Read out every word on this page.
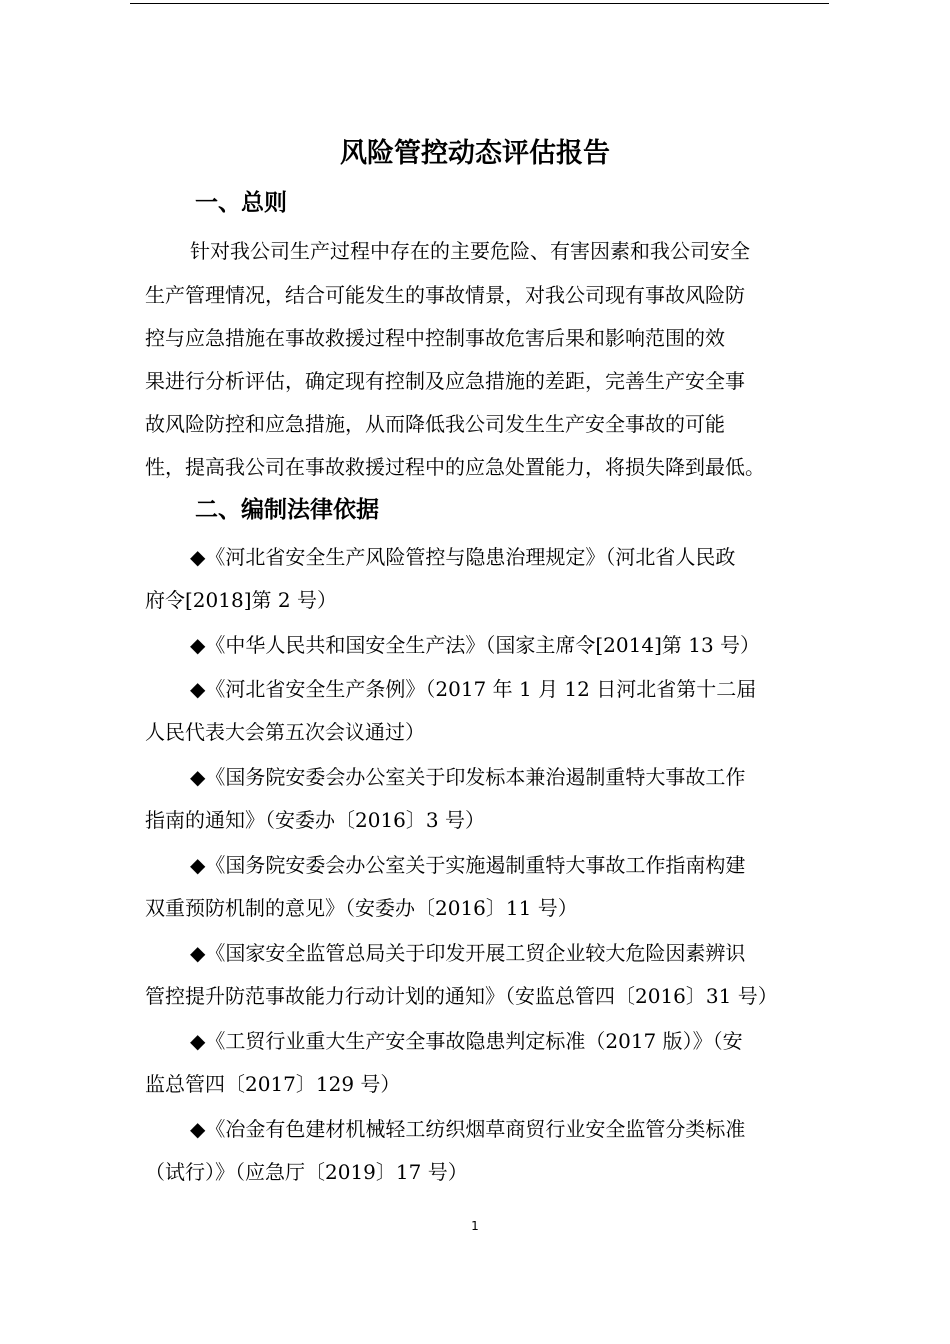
风险管控动态评估报告
一、总则
针对我公司生产过程中存在的主要危险、有害因素和我公司安全
生产管理情况，结合可能发生的事故情景，对我公司现有事故风险防
控与应急措施在事故救援过程中控制事故危害后果和影响范围的效
果进行分析评估，确定现有控制及应急措施的差距，完善生产安全事
故风险防控和应急措施，从而降低我公司发生生产安全事故的可能
性，提高我公司在事故救援过程中的应急处置能力，将损失降到最低。
二、编制法律依据
◆《河北省安全生产风险管控与隐患治理规定》（河北省人民政
府令[2018]第 2 号）
◆《中华人民共和国安全生产法》（国家主席令[2014]第 13 号）
◆《河北省安全生产条例》（2017 年 1 月 12 日河北省第十二届
人民代表大会第五次会议通过）
◆《国务院安委会办公室关于印发标本兼治遏制重特大事故工作
指南的通知》（安委办〔2016〕3 号）
◆《国务院安委会办公室关于实施遏制重特大事故工作指南构建
双重预防机制的意见》（安委办〔2016〕11 号）
◆《国家安全监管总局关于印发开展工贸企业较大危险因素辨识
管控提升防范事故能力行动计划的通知》（安监总管四〔2016〕31 号）
◆《工贸行业重大生产安全事故隐患判定标准（2017 版）》（安
监总管四〔2017〕129 号）
◆《冶金有色建材机械轻工纺织烟草商贸行业安全监管分类标准
（试行）》（应急厅〔2019〕17 号）
1
